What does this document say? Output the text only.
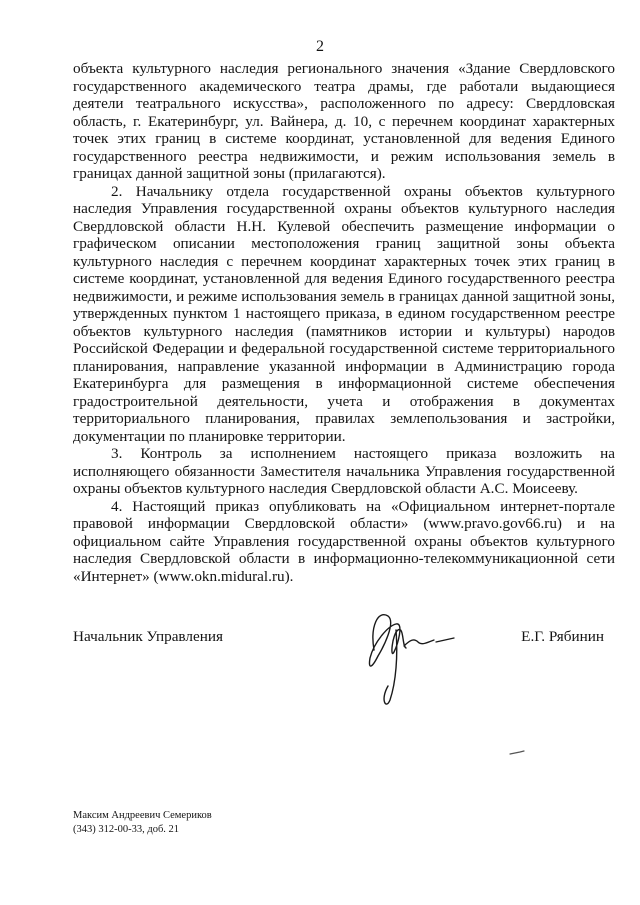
2

объекта культурного наследия регионального значения «Здание Свердловского государственного академического театра драмы, где работали выдающиеся деятели театрального искусства», расположенного по адресу: Свердловская область, г. Екатеринбург, ул. Вайнера, д. 10, с перечнем координат характерных точек этих границ в системе координат, установленной для ведения Единого государственного реестра недвижимости, и режим использования земель в границах данной защитной зоны (прилагаются).

2. Начальнику отдела государственной охраны объектов культурного наследия Управления государственной охраны объектов культурного наследия Свердловской области Н.Н. Кулевой обеспечить размещение информации о графическом описании местоположения границ защитной зоны объекта культурного наследия с перечнем координат характерных точек этих границ в системе координат, установленной для ведения Единого государственного реестра недвижимости, и режиме использования земель в границах данной защитной зоны, утвержденных пунктом 1 настоящего приказа, в едином государственном реестре объектов культурного наследия (памятников истории и культуры) народов Российской Федерации и федеральной государственной системе территориального планирования, направление указанной информации в Администрацию города Екатеринбурга для размещения в информационной системе обеспечения градостроительной деятельности, учета и отображения в документах территориального планирования, правилах землепользования и застройки, документации по планировке территории.

3. Контроль за исполнением настоящего приказа возложить на исполняющего обязанности Заместителя начальника Управления государственной охраны объектов культурного наследия Свердловской области А.С. Моисееву.

4. Настоящий приказ опубликовать на «Официальном интернет-портале правовой информации Свердловской области» (www.pravo.gov66.ru) и на официальном сайте Управления государственной охраны объектов культурного наследия Свердловской области в информационно-телекоммуникационной сети «Интернет» (www.okn.midural.ru).

Начальник Управления	Е.Г. Рябинин
Максим Андреевич Семериков
(343) 312-00-33, доб. 21
